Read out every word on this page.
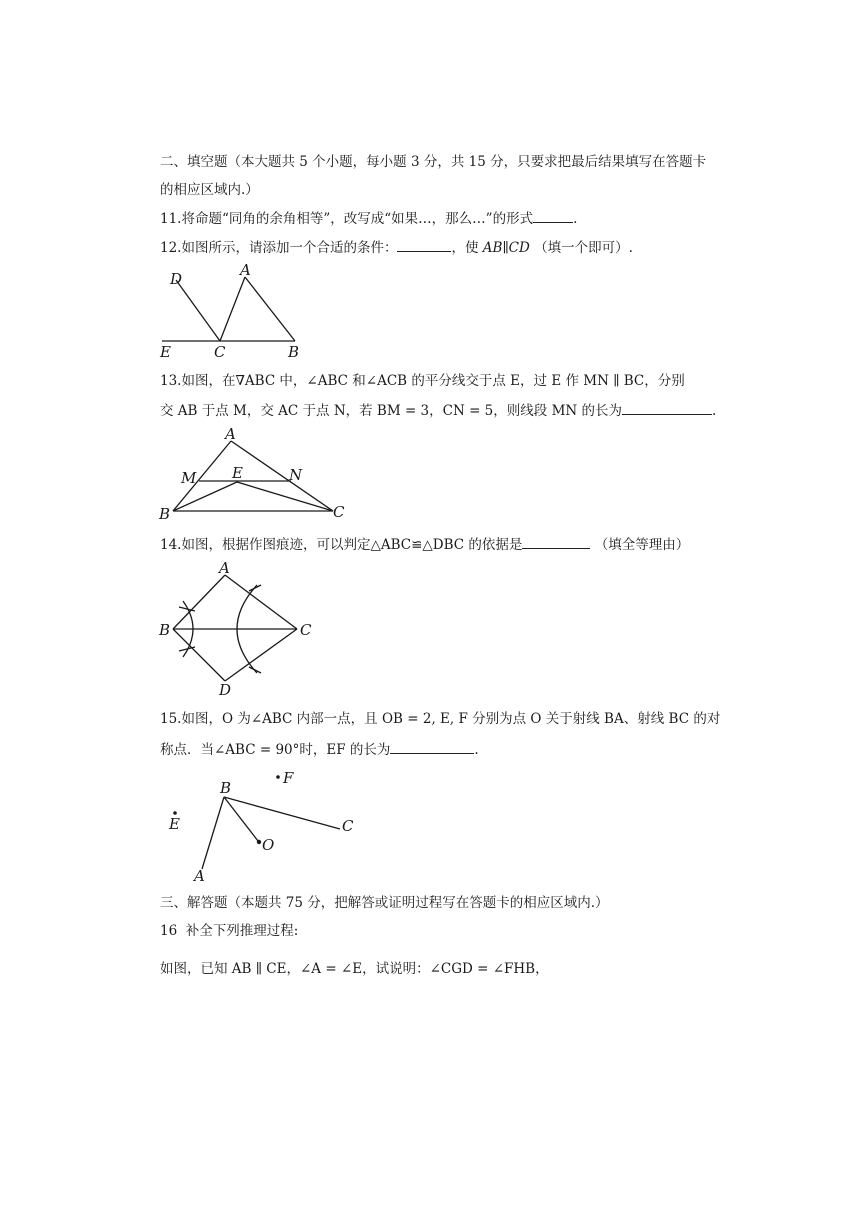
二、填空题（本大题共 5 个小题，每小题 3 分，共 15 分，只要求把最后结果填写在答题卡
的相应区域内.）
11.将命题“同角的余角相等”，改写成“如果…，那么…”的形式	.
12.如图所示，请添加一个合适的条件：	，使 AB∥CD （填一个即可）.
D	A
E	C	B
13.如图，在∇ABC 中，∠ABC 和∠ACB 的平分线交于点 E，过 E 作 MN ∥ BC，分别
交 AB 于点 M，交 AC 于点 N，若 BM = 3，CN = 5，则线段 MN 的长为	.
A
M E	N
B	C
14.如图，根据作图痕迹，可以判定△ABC≌△DBC 的依据是	（填全等理由）
A
B	C
D
15.如图，O 为∠ABC 内部一点，且 OB = 2, E, F 分别为点 O 关于射线 BA、射线 BC 的对
称点．当∠ABC = 90°时，EF 的长为	.
F
B
E	C
O
A
三、解答题（本题共 75 分，把解答或证明过程写在答题卡的相应区域内.）
16 补全下列推理过程:
如图，已知 AB ∥ CE，∠A = ∠E，试说明：∠CGD = ∠FHB，
